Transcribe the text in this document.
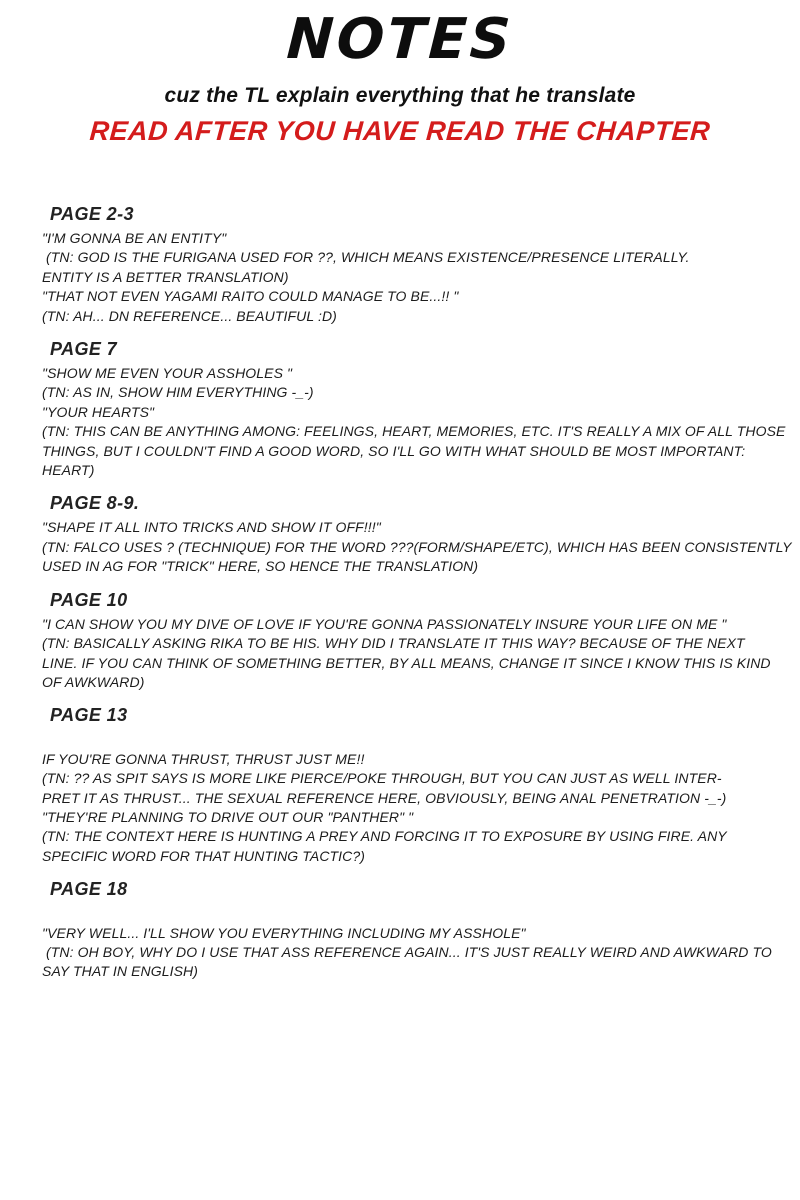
NOTES

cuz the TL explain everything that he translate

READ AFTER YOU HAVE READ THE CHAPTER

PAGE 2-3

"I'M GONNA BE AN ENTITY"

(TN: GOD IS THE FURIGANA USED FOR ??, WHICH MEANS EXISTENCE/PRESENCE LITERALLY.

ENTITY IS A BETTER TRANSLATION)

"THAT NOT EVEN YAGAMI RAITO COULD MANAGE TO BE...!! "

(TN: AH... DN REFERENCE... BEAUTIFUL :D)

PAGE 7

"SHOW ME EVEN YOUR ASSHOLES "

(TN: AS IN, SHOW HIM EVERYTHING -_-)

"YOUR HEARTS"

(TN: THIS CAN BE ANYTHING AMONG: FEELINGS, HEART, MEMORIES, ETC. IT'S REALLY A MIX OF ALL THOSE

THINGS, BUT I COULDN'T FIND A GOOD WORD, SO I'LL GO WITH WHAT SHOULD BE MOST IMPORTANT:

HEART)

PAGE 8-9.

"SHAPE IT ALL INTO TRICKS AND SHOW IT OFF!!!"

(TN: FALCO USES ? (TECHNIQUE) FOR THE WORD ???(FORM/SHAPE/ETC), WHICH HAS BEEN CONSISTENTLY

USED IN AG FOR "TRICK" HERE, SO HENCE THE TRANSLATION)

PAGE 10

"I CAN SHOW YOU MY DIVE OF LOVE IF YOU'RE GONNA PASSIONATELY INSURE YOUR LIFE ON ME "

(TN: BASICALLY ASKING RIKA TO BE HIS. WHY DID I TRANSLATE IT THIS WAY? BECAUSE OF THE NEXT

LINE. IF YOU CAN THINK OF SOMETHING BETTER, BY ALL MEANS, CHANGE IT SINCE I KNOW THIS IS KIND

OF AWKWARD)

PAGE 13

IF YOU'RE GONNA THRUST, THRUST JUST ME!!

(TN: ?? AS SPIT SAYS IS MORE LIKE PIERCE/POKE THROUGH, BUT YOU CAN JUST AS WELL INTER-

PRET IT AS THRUST... THE SEXUAL REFERENCE HERE, OBVIOUSLY, BEING ANAL PENETRATION -_-)

"THEY'RE PLANNING TO DRIVE OUT OUR "PANTHER" "

(TN: THE CONTEXT HERE IS HUNTING A PREY AND FORCING IT TO EXPOSURE BY USING FIRE. ANY

SPECIFIC WORD FOR THAT HUNTING TACTIC?)

PAGE 18

"VERY WELL... I'LL SHOW YOU EVERYTHING INCLUDING MY ASSHOLE"

(TN: OH BOY, WHY DO I USE THAT ASS REFERENCE AGAIN... IT'S JUST REALLY WEIRD AND AWKWARD TO

SAY THAT IN ENGLISH)
